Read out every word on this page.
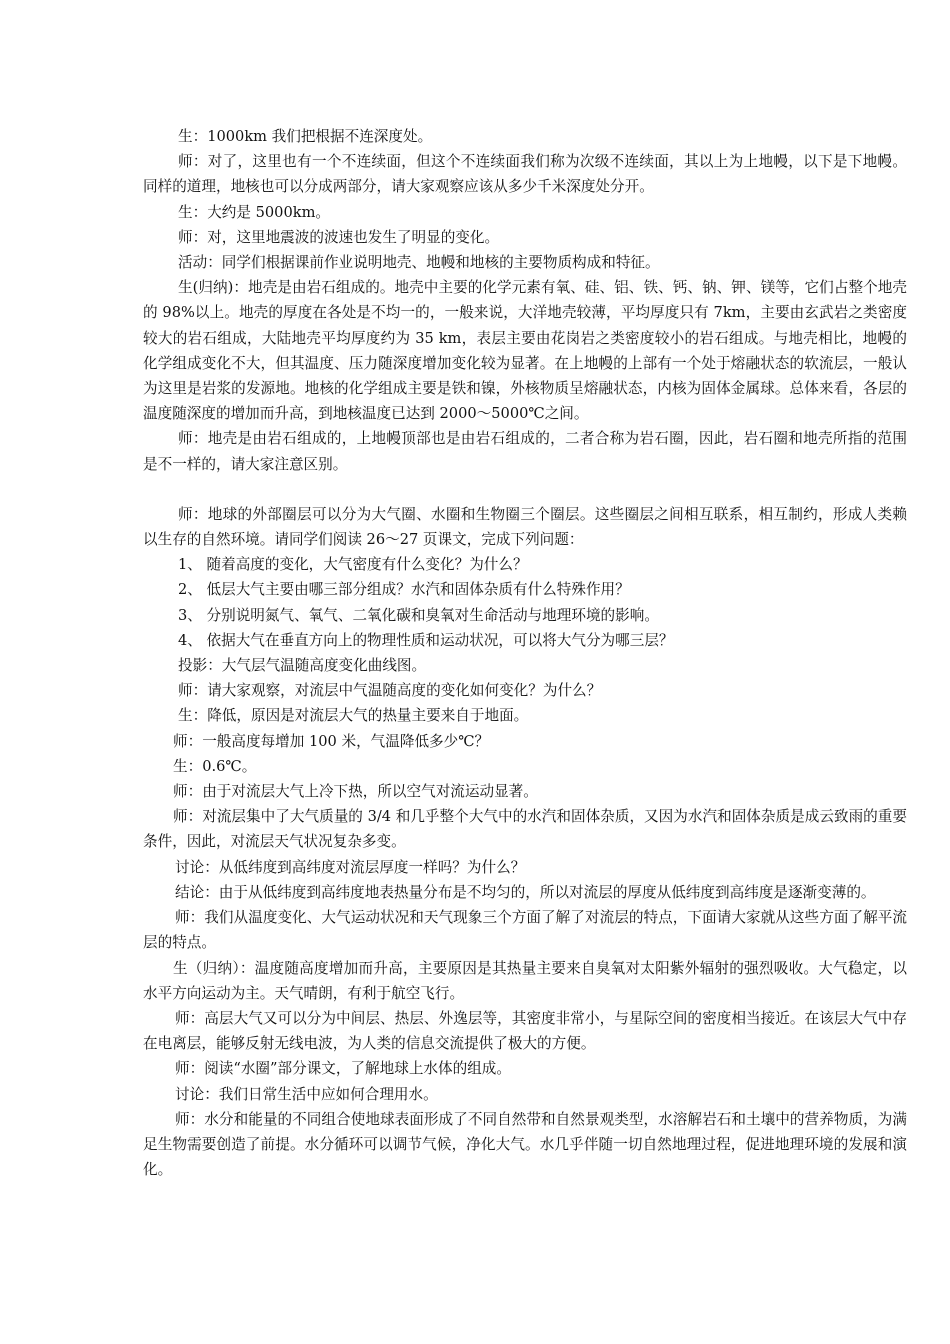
生：1000km 我们把根据不连深度处。

师：对了，这里也有一个不连续面，但这个不连续面我们称为次级不连续面，其以上为上地幔，以下是下地幔。同样的道理，地核也可以分成两部分，请大家观察应该从多少千米深度处分开。

生：大约是 5000km。

师：对，这里地震波的波速也发生了明显的变化。

活动：同学们根据课前作业说明地壳、地幔和地核的主要物质构成和特征。

生(归纳)：地壳是由岩石组成的。地壳中主要的化学元素有氧、硅、铝、铁、钙、钠、钾、镁等，它们占整个地壳的 98%以上。地壳的厚度在各处是不均一的，一般来说，大洋地壳较薄，平均厚度只有 7km，主要由玄武岩之类密度较大的岩石组成，大陆地壳平均厚度约为 35 km，表层主要由花岗岩之类密度较小的岩石组成。与地壳相比，地幔的化学组成变化不大，但其温度、压力随深度增加变化较为显著。在上地幔的上部有一个处于熔融状态的软流层，一般认为这里是岩浆的发源地。地核的化学组成主要是铁和镍，外核物质呈熔融状态，内核为固体金属球。总体来看，各层的温度随深度的增加而升高，到地核温度已达到 2000～5000℃之间。

师：地壳是由岩石组成的，上地幔顶部也是由岩石组成的，二者合称为岩石圈，因此，岩石圈和地壳所指的范围是不一样的，请大家注意区别。

师：地球的外部圈层可以分为大气圈、水圈和生物圈三个圈层。这些圈层之间相互联系，相互制约，形成人类赖以生存的自然环境。请同学们阅读 26～27 页课文，完成下列问题：

1、 随着高度的变化，大气密度有什么变化？为什么？

2、 低层大气主要由哪三部分组成？水汽和固体杂质有什么特殊作用？

3、 分别说明氮气、氧气、二氧化碳和臭氧对生命活动与地理环境的影响。

4、 依据大气在垂直方向上的物理性质和运动状况，可以将大气分为哪三层？

投影：大气层气温随高度变化曲线图。

师：请大家观察，对流层中气温随高度的变化如何变化？为什么？

生：降低，原因是对流层大气的热量主要来自于地面。

师：一般高度每增加 100 米，气温降低多少℃？

生：0.6℃。

师：由于对流层大气上冷下热，所以空气对流运动显著。

师：对流层集中了大气质量的 3/4 和几乎整个大气中的水汽和固体杂质，又因为水汽和固体杂质是成云致雨的重要条件，因此，对流层天气状况复杂多变。

讨论：从低纬度到高纬度对流层厚度一样吗？为什么？

结论：由于从低纬度到高纬度地表热量分布是不均匀的，所以对流层的厚度从低纬度到高纬度是逐渐变薄的。

师：我们从温度变化、大气运动状况和天气现象三个方面了解了对流层的特点，下面请大家就从这些方面了解平流层的特点。

生（归纳）：温度随高度增加而升高，主要原因是其热量主要来自臭氧对太阳紫外辐射的强烈吸收。大气稳定，以水平方向运动为主。天气晴朗，有利于航空飞行。

师：高层大气又可以分为中间层、热层、外逸层等，其密度非常小，与星际空间的密度相当接近。在该层大气中存在电离层，能够反射无线电波，为人类的信息交流提供了极大的方便。

师：阅读“水圈”部分课文，了解地球上水体的组成。

讨论：我们日常生活中应如何合理用水。

师：水分和能量的不同组合使地球表面形成了不同自然带和自然景观类型，水溶解岩石和土壤中的营养物质，为满足生物需要创造了前提。水分循环可以调节气候，净化大气。水几乎伴随一切自然地理过程，促进地理环境的发展和演化。
